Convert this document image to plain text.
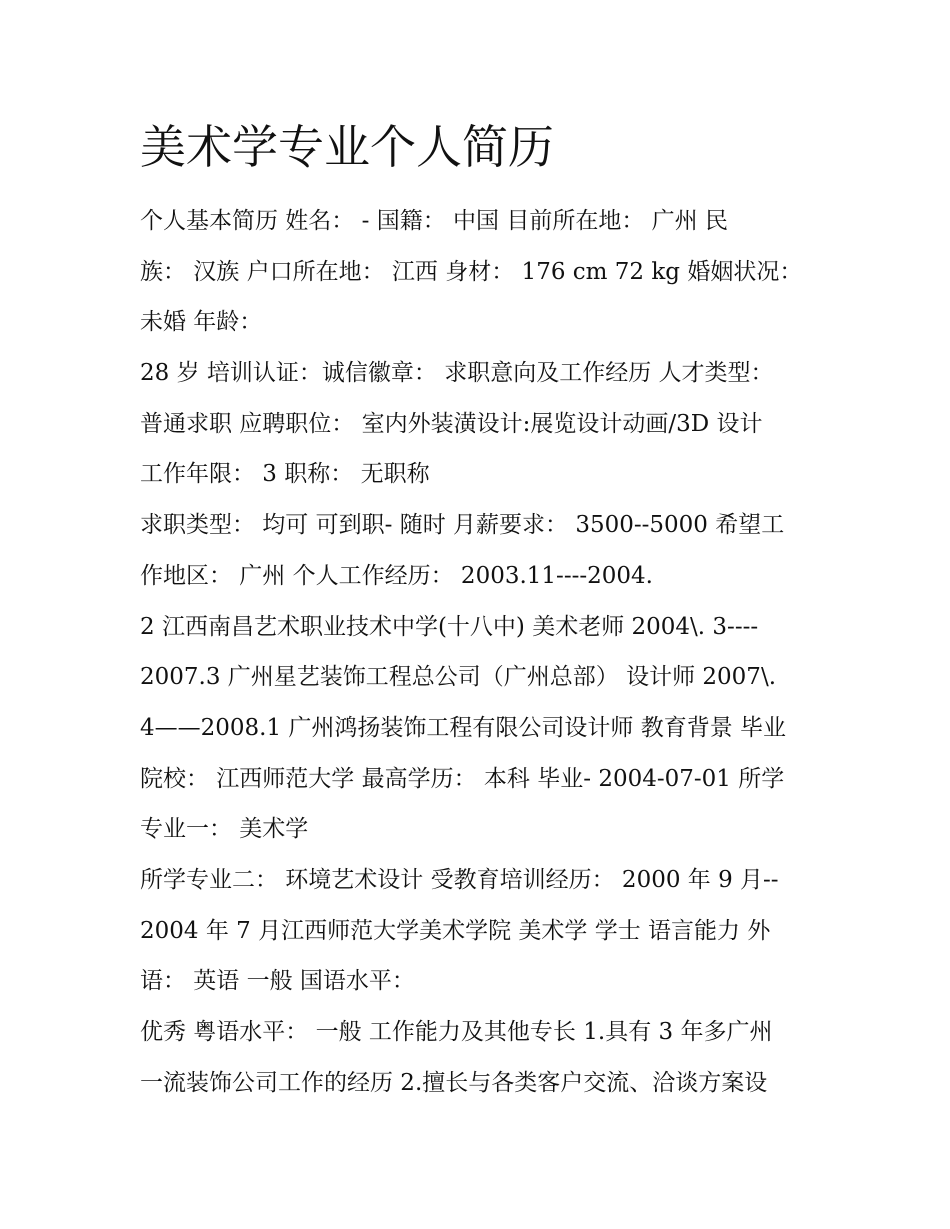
美术学专业个人简历
个人基本简历 姓名： - 国籍： 中国 目前所在地： 广州 民
族： 汉族 户口所在地： 江西 身材： 176 cm 72 kg 婚姻状况：
未婚 年龄：
28 岁 培训认证：诚信徽章： 求职意向及工作经历 人才类型：
普通求职 应聘职位： 室内外装潢设计:展览设计动画/3D 设计
工作年限： 3 职称： 无职称
求职类型： 均可 可到职- 随时 月薪要求： 3500--5000 希望工
作地区： 广州 个人工作经历： 2003.11----2004.
2 江西南昌艺术职业技术中学(十八中) 美术老师 2004\. 3----
2007.3 广州星艺装饰工程总公司（广州总部） 设计师 2007\.
4——2008.1 广州鸿扬装饰工程有限公司设计师 教育背景 毕业
院校： 江西师范大学 最高学历： 本科 毕业- 2004-07-01 所学
专业一： 美术学
所学专业二： 环境艺术设计 受教育培训经历： 2000 年 9 月--
2004 年 7 月江西师范大学美术学院 美术学 学士 语言能力 外
语： 英语 一般 国语水平：
优秀 粤语水平： 一般 工作能力及其他专长 1.具有 3 年多广州
一流装饰公司工作的经历 2.擅长与各类客户交流、洽谈方案设
